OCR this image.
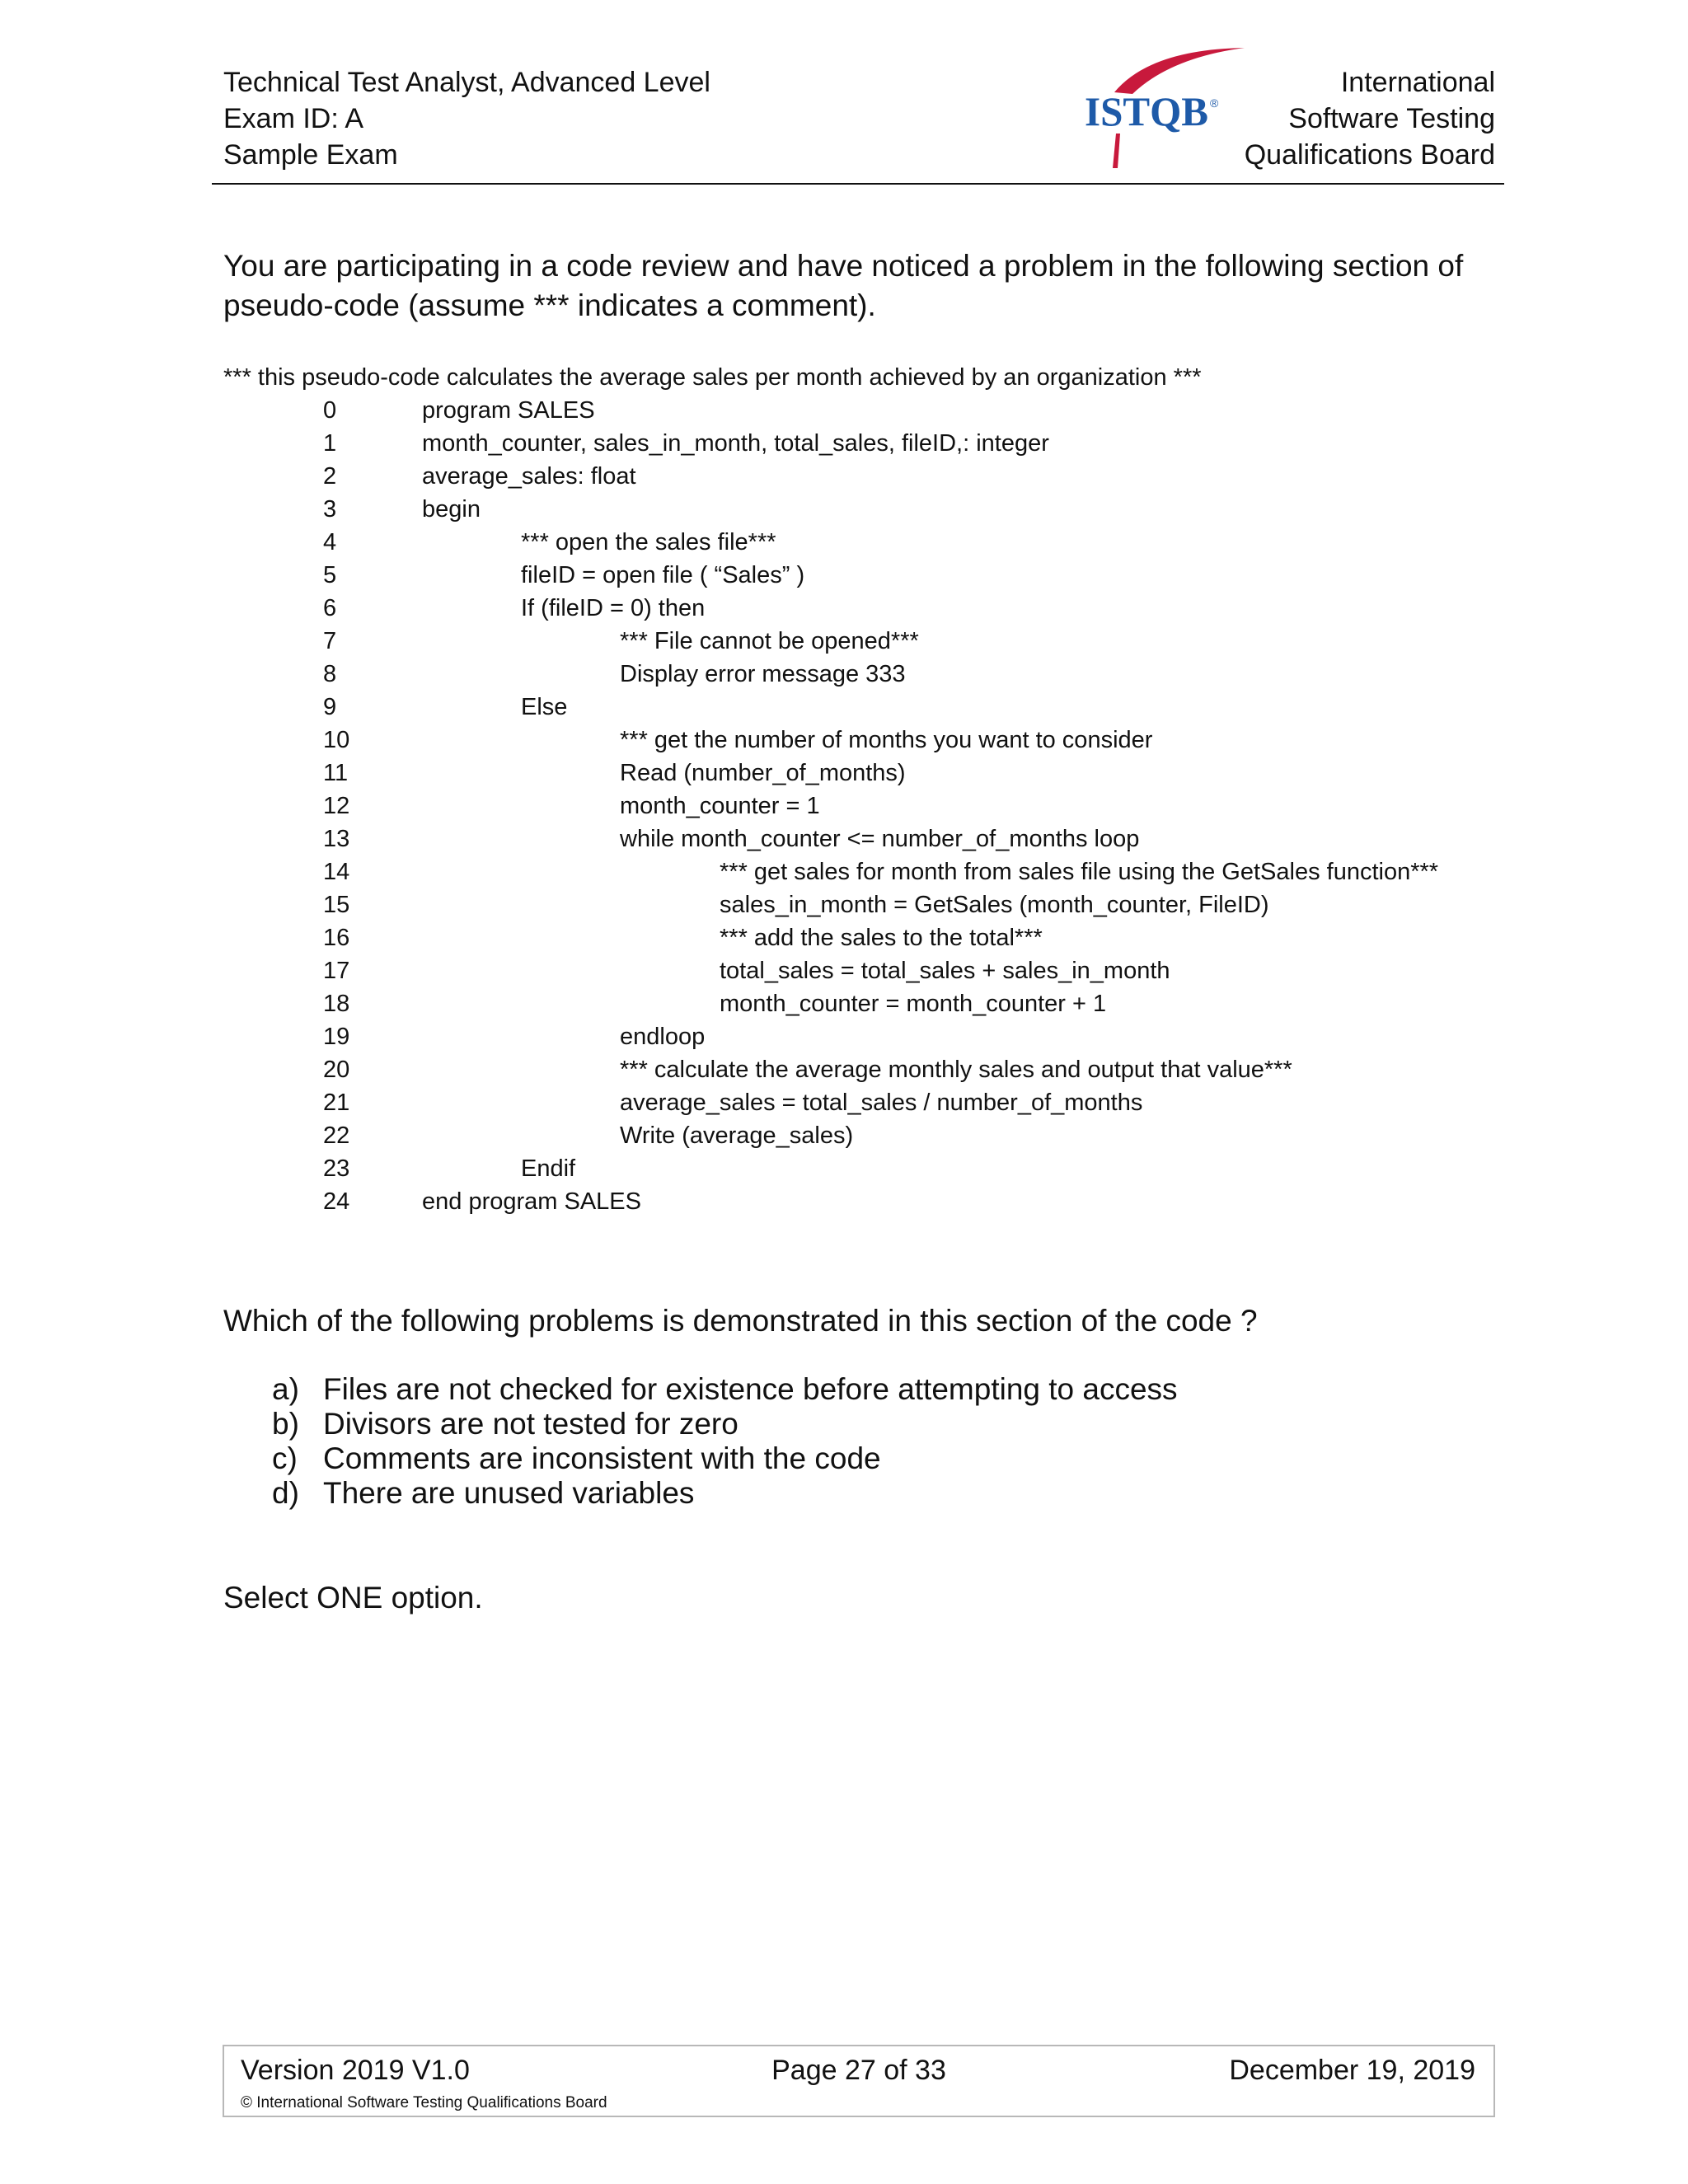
Technical Test Analyst, Advanced Level
Exam ID: A
Sample Exam
ISTQB ®
International
Software Testing
Qualifications Board
You are participating in a code review and have noticed a problem in the following section of pseudo-code (assume *** indicates a comment).
*** this pseudo-code calculates the average sales per month achieved by an organization ***
0	program SALES
1	month_counter, sales_in_month, total_sales, fileID,: integer
2	average_sales: float
3	begin
4	*** open the sales file***
5	fileID = open file ( “Sales” )
6	If (fileID = 0) then
7	*** File cannot be opened***
8	Display error message 333
9	Else
10	*** get the number of months you want to consider
11	Read (number_of_months)
12	month_counter = 1
13	while month_counter <= number_of_months loop
14	*** get sales for month from sales file using the GetSales function***
15	sales_in_month = GetSales (month_counter, FileID)
16	*** add the sales to the total***
17	total_sales = total_sales + sales_in_month
18	month_counter = month_counter + 1
19	endloop
20	*** calculate the average monthly sales and output that value***
21	average_sales = total_sales / number_of_months
22	Write (average_sales)
23	Endif
24	end program SALES
Which of the following problems is demonstrated in this section of the code ?
a) Files are not checked for existence before attempting to access
b) Divisors are not tested for zero
c) Comments are inconsistent with the code
d) There are unused variables
Select ONE option.
Version 2019 V1.0	Page 27 of 33	December 19, 2019
© International Software Testing Qualifications Board
